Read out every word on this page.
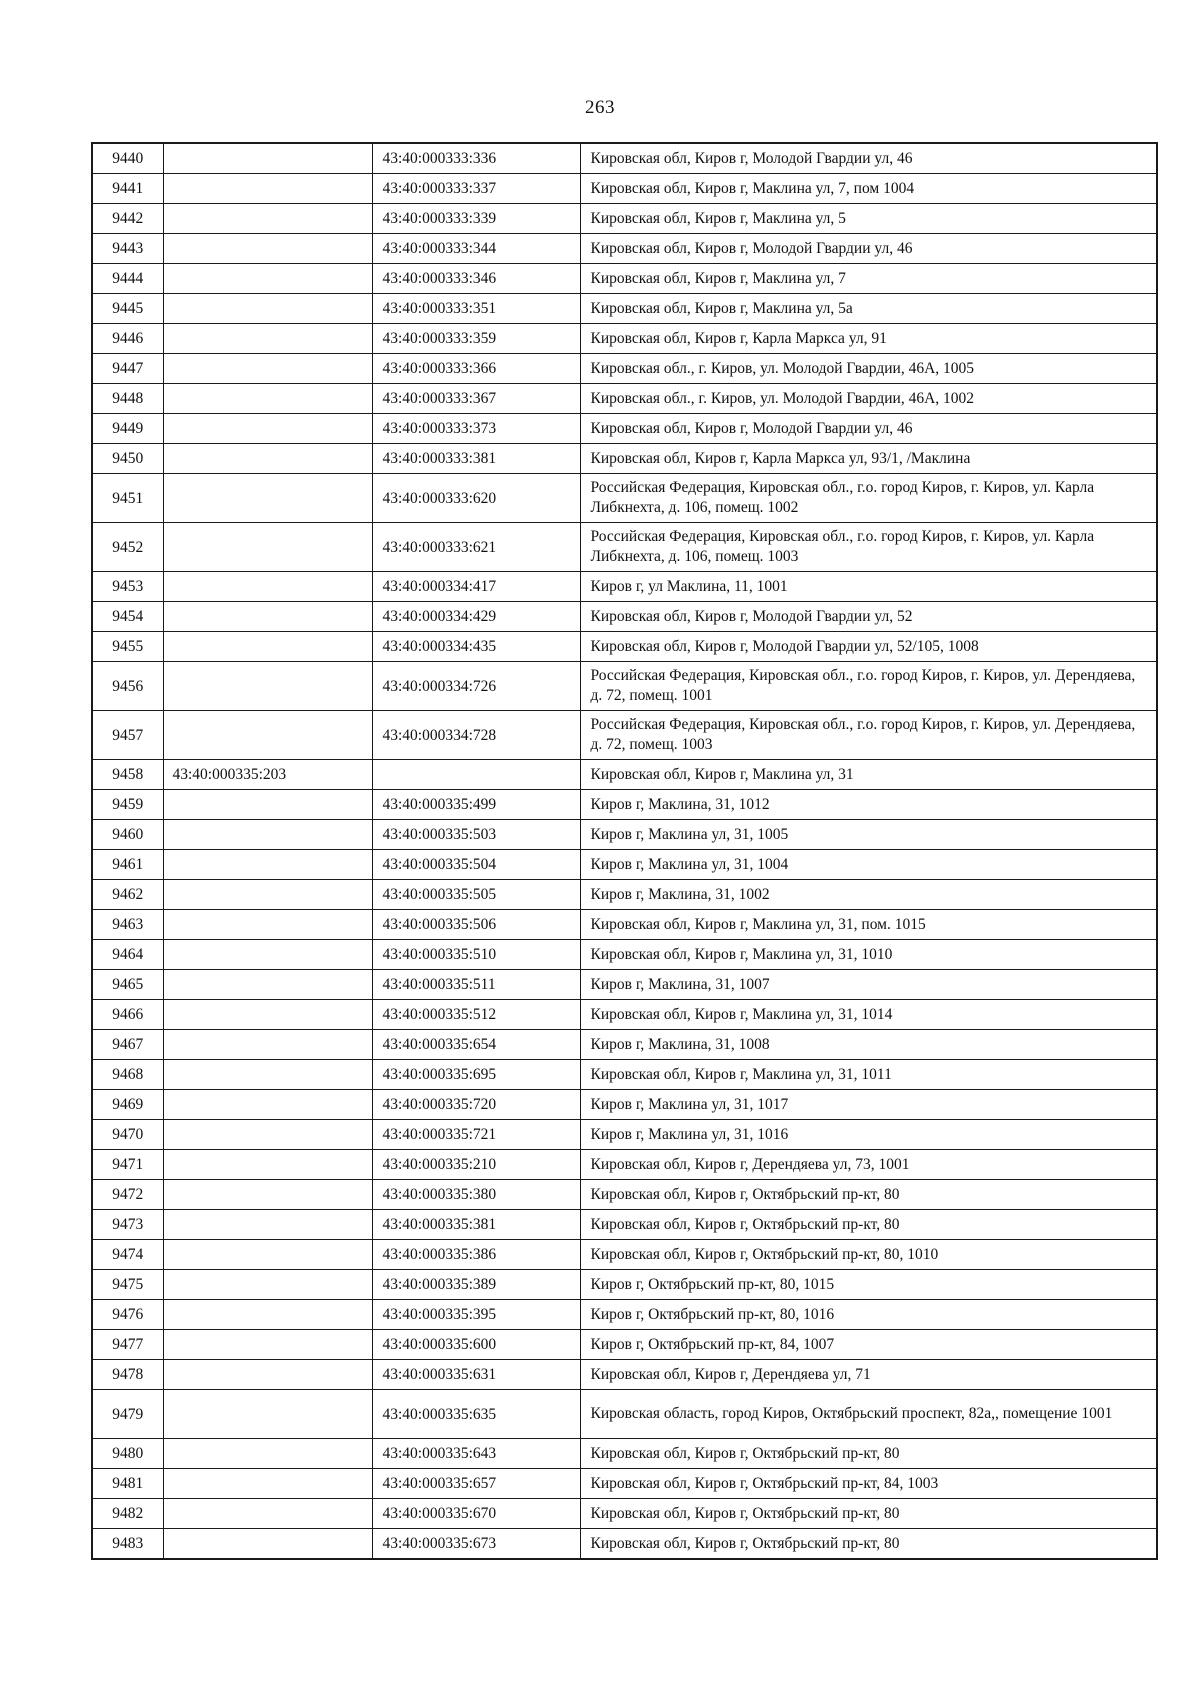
263
9440		43:40:000333:336	Кировская обл, Киров г, Молодой Гвардии ул, 46
9441		43:40:000333:337	Кировская обл, Киров г, Маклина ул, 7, пом 1004
9442		43:40:000333:339	Кировская обл, Киров г, Маклина ул, 5
9443		43:40:000333:344	Кировская обл, Киров г, Молодой Гвардии ул, 46
9444		43:40:000333:346	Кировская обл, Киров г, Маклина ул, 7
9445		43:40:000333:351	Кировская обл, Киров г, Маклина ул, 5а
9446		43:40:000333:359	Кировская обл, Киров г, Карла Маркса ул, 91
9447		43:40:000333:366	Кировская обл., г. Киров, ул. Молодой Гвардии, 46А, 1005
9448		43:40:000333:367	Кировская обл., г. Киров, ул. Молодой Гвардии, 46А, 1002
9449		43:40:000333:373	Кировская обл, Киров г, Молодой Гвардии ул, 46
9450		43:40:000333:381	Кировская обл, Киров г, Карла Маркса ул, 93/1, /Маклина
9451		43:40:000333:620	Российская Федерация, Кировская обл., г.о. город Киров, г. Киров, ул. Карла Либкнехта, д. 106, помещ. 1002
9452		43:40:000333:621	Российская Федерация, Кировская обл., г.о. город Киров, г. Киров, ул. Карла Либкнехта, д. 106, помещ. 1003
9453		43:40:000334:417	Киров г, ул Маклина, 11, 1001
9454		43:40:000334:429	Кировская обл, Киров г, Молодой Гвардии ул, 52
9455		43:40:000334:435	Кировская обл, Киров г, Молодой Гвардии ул, 52/105, 1008
9456		43:40:000334:726	Российская Федерация, Кировская обл., г.о. город Киров, г. Киров, ул. Дерендяева, д. 72, помещ. 1001
9457		43:40:000334:728	Российская Федерация, Кировская обл., г.о. город Киров, г. Киров, ул. Дерендяева, д. 72, помещ. 1003
9458	43:40:000335:203		Кировская обл, Киров г, Маклина ул, 31
9459		43:40:000335:499	Киров г, Маклина, 31, 1012
9460		43:40:000335:503	Киров г, Маклина ул, 31, 1005
9461		43:40:000335:504	Киров г, Маклина ул, 31, 1004
9462		43:40:000335:505	Киров г, Маклина, 31, 1002
9463		43:40:000335:506	Кировская обл, Киров г, Маклина ул, 31, пом. 1015
9464		43:40:000335:510	Кировская обл, Киров г, Маклина ул, 31, 1010
9465		43:40:000335:511	Киров г, Маклина, 31, 1007
9466		43:40:000335:512	Кировская обл, Киров г, Маклина ул, 31, 1014
9467		43:40:000335:654	Киров г, Маклина, 31, 1008
9468		43:40:000335:695	Кировская обл, Киров г, Маклина ул, 31, 1011
9469		43:40:000335:720	Киров г, Маклина ул, 31, 1017
9470		43:40:000335:721	Киров г, Маклина ул, 31, 1016
9471		43:40:000335:210	Кировская обл, Киров г, Дерендяева ул, 73, 1001
9472		43:40:000335:380	Кировская обл, Киров г, Октябрьский пр-кт, 80
9473		43:40:000335:381	Кировская обл, Киров г, Октябрьский пр-кт, 80
9474		43:40:000335:386	Кировская обл, Киров г, Октябрьский пр-кт, 80, 1010
9475		43:40:000335:389	Киров г, Октябрьский пр-кт, 80, 1015
9476		43:40:000335:395	Киров г, Октябрьский пр-кт, 80, 1016
9477		43:40:000335:600	Киров г, Октябрьский пр-кт, 84, 1007
9478		43:40:000335:631	Кировская обл, Киров г, Дерендяева ул, 71
9479		43:40:000335:635	Кировская область, город Киров, Октябрьский проспект, 82а,, помещение 1001
9480		43:40:000335:643	Кировская обл, Киров г, Октябрьский пр-кт, 80
9481		43:40:000335:657	Кировская обл, Киров г, Октябрьский пр-кт, 84, 1003
9482		43:40:000335:670	Кировская обл, Киров г, Октябрьский пр-кт, 80
9483		43:40:000335:673	Кировская обл, Киров г, Октябрьский пр-кт, 80
